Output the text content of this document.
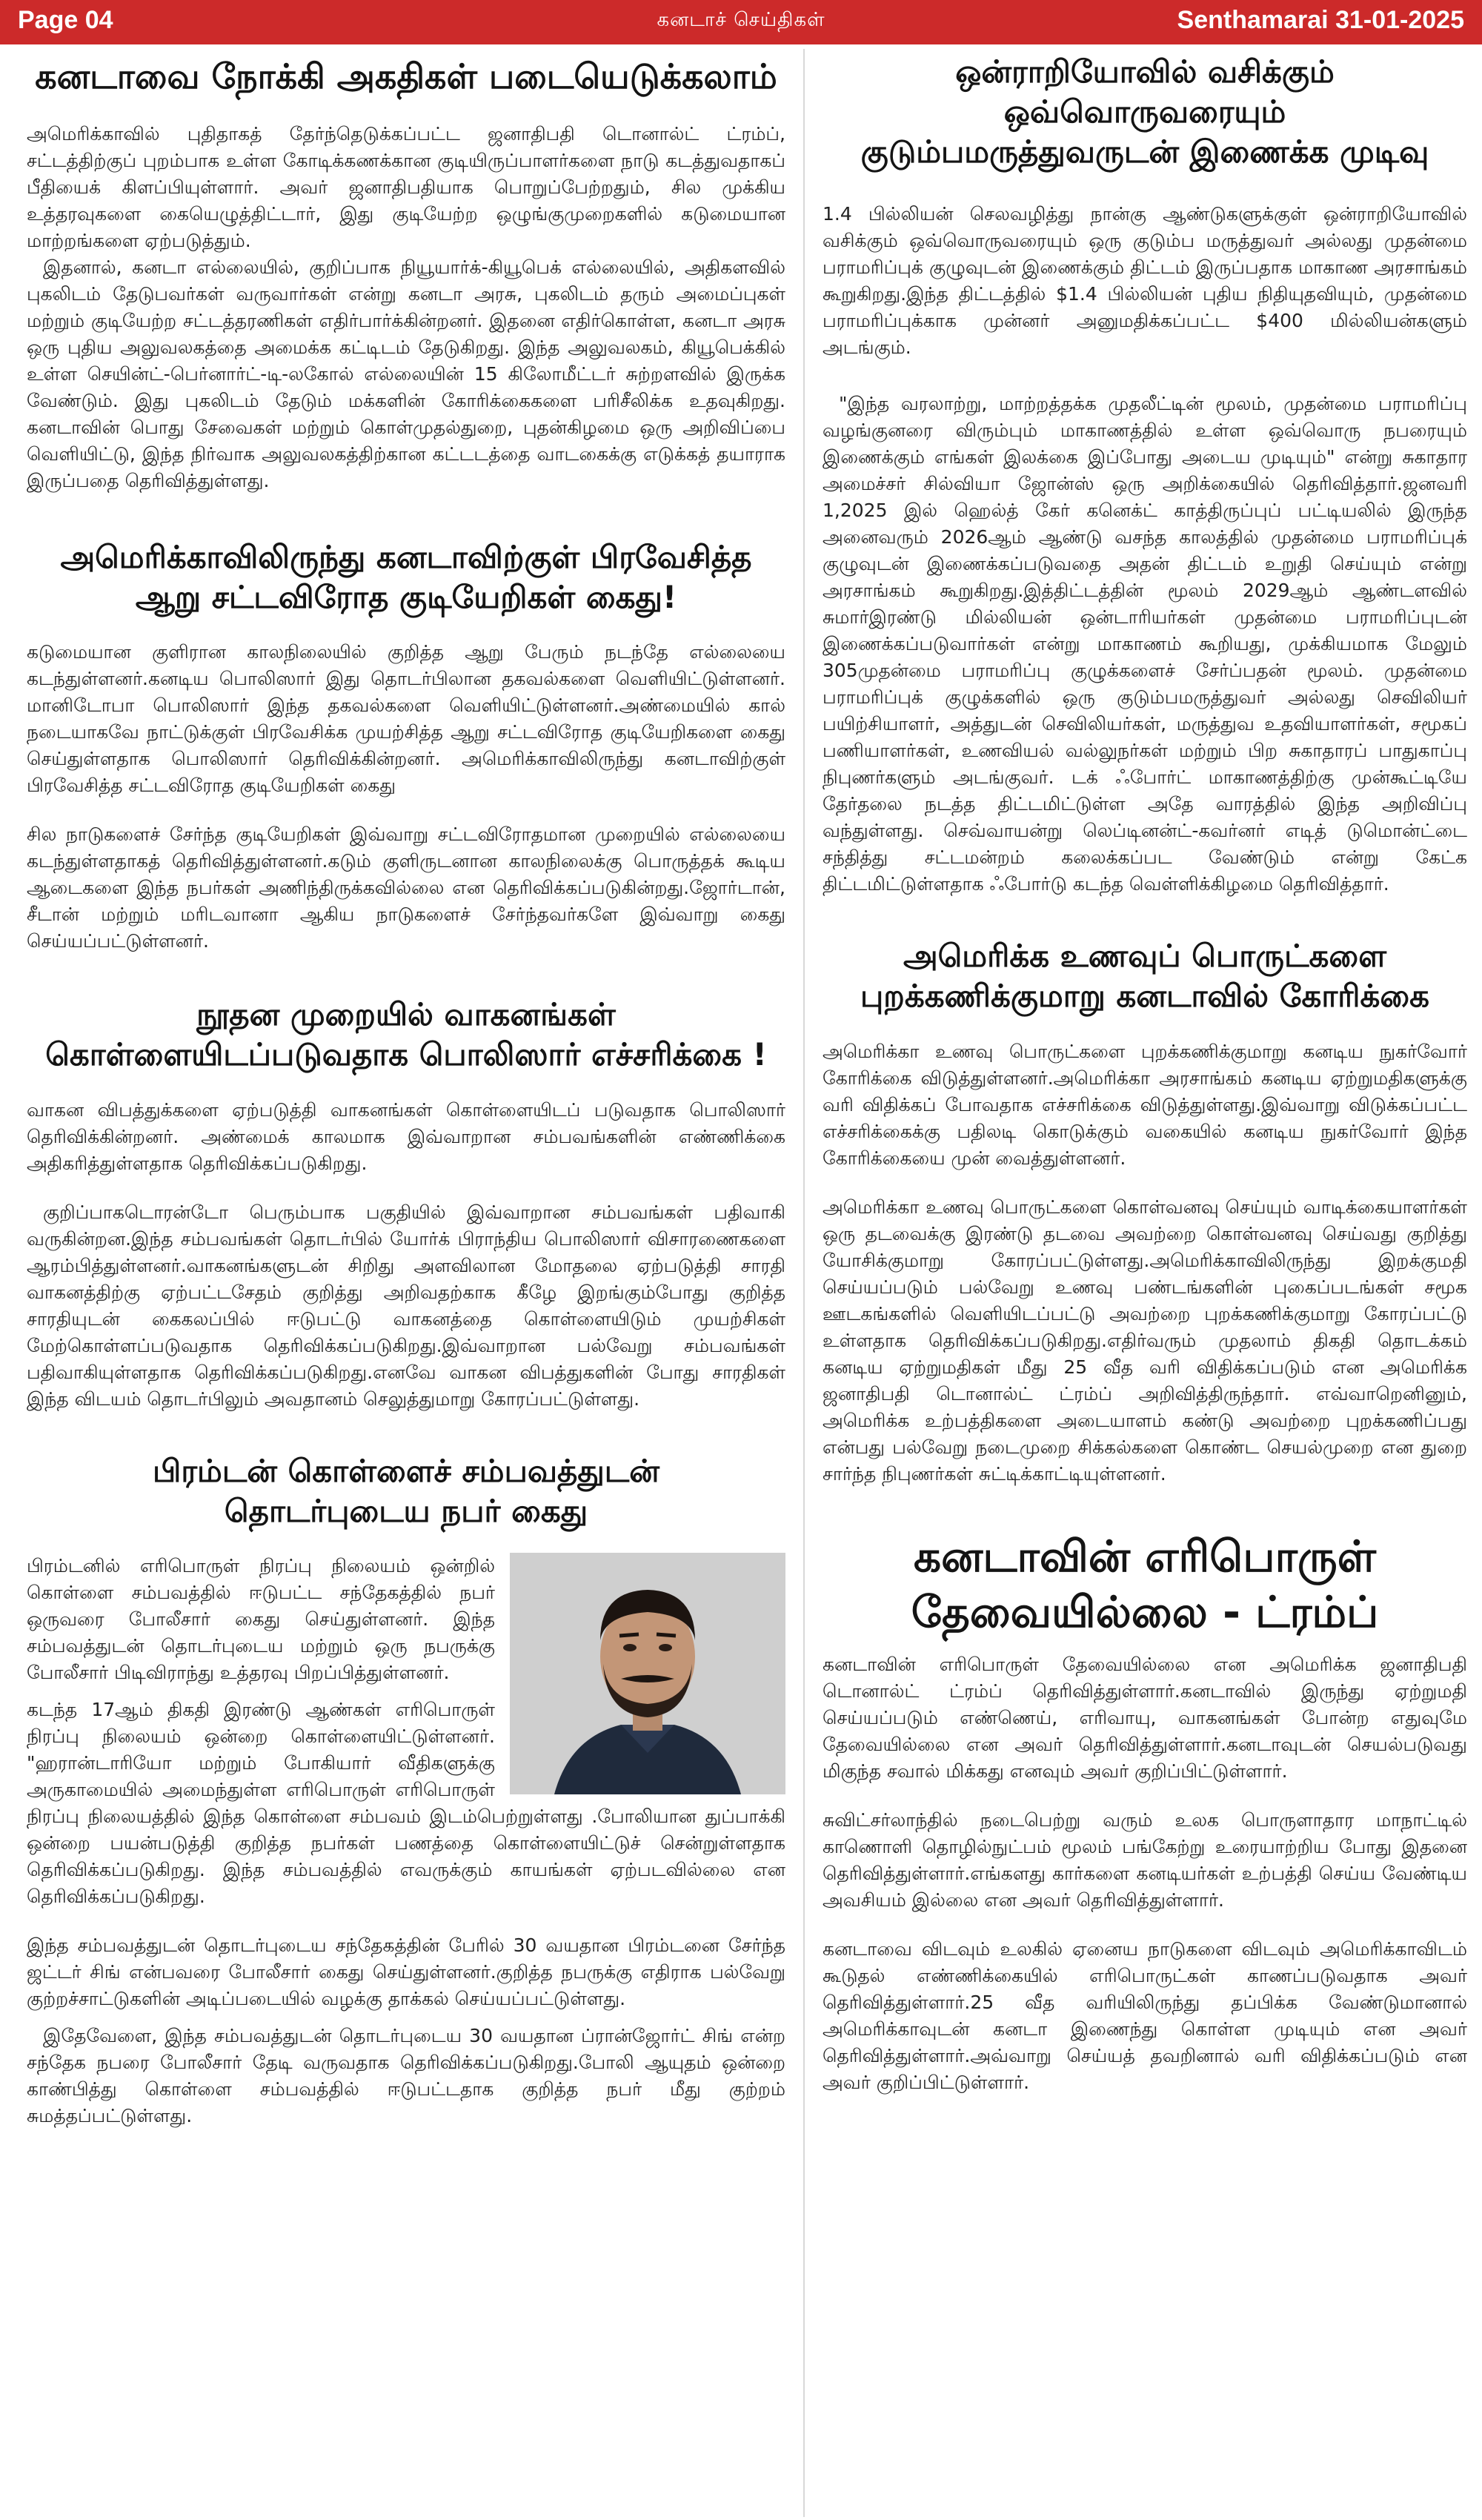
Page 04	கனடாச் செய்திகள்	Senthamarai 31-01-2025
கனடாவை நோக்கி அகதிகள் படையெடுக்கலாம்

அமெரிக்காவில் புதிதாகத் தேர்ந்தெடுக்கப்பட்ட ஜனாதிபதி டொனால்ட் ட்ரம்ப், சட்டத்திற்குப் புறம்பாக உள்ள கோடிக்கணக்கான குடியிருப்பாளர்களை நாடு கடத்துவதாகப் பீதியைக் கிளப்பியுள்ளார். அவர் ஜனாதிபதியாக பொறுப்பேற்றதும், சில முக்கிய உத்தரவுகளை கையெழுத்திட்டார், இது குடியேற்ற ஒழுங்குமுறைகளில் கடுமையான மாற்றங்களை ஏற்படுத்தும்.

இதனால், கனடா எல்லையில், குறிப்பாக நியூயார்க்-கியூபெக் எல்லையில், அதிகளவில் புகலிடம் தேடுபவர்கள் வருவார்கள் என்று கனடா அரசு, புகலிடம் தரும் அமைப்புகள் மற்றும் குடியேற்ற சட்டத்தரணிகள் எதிர்பார்க்கின்றனர். இதனை எதிர்கொள்ள, கனடா அரசு ஒரு புதிய அலுவலகத்தை அமைக்க கட்டிடம் தேடுகிறது. இந்த அலுவலகம், கியூபெக்கில் உள்ள செயின்ட்-பெர்னார்ட்-டி-லகோல் எல்லையின் 15 கிலோமீட்டர் சுற்றளவில் இருக்க வேண்டும். இது புகலிடம் தேடும் மக்களின் கோரிக்கைகளை பரிசீலிக்க உதவுகிறது. கனடாவின் பொது சேவைகள் மற்றும் கொள்முதல்துறை, புதன்கிழமை ஒரு அறிவிப்பை வெளியிட்டு, இந்த நிர்வாக அலுவலகத்திற்கான கட்டடத்தை வாடகைக்கு எடுக்கத் தயாராக இருப்பதை தெரிவித்துள்ளது.

அமெரிக்காவிலிருந்து கனடாவிற்குள் பிரவேசித்த
ஆறு சட்டவிரோத குடியேறிகள் கைது!

கடுமையான குளிரான காலநிலையில் குறித்த ஆறு பேரும் நடந்தே எல்லையை கடந்துள்ளனர்.கனடிய பொலிஸார் இது தொடர்பிலான தகவல்களை வெளியிட்டுள்ளனர். மானிடோபா பொலிஸார் இந்த தகவல்களை வெளியிட்டுள்ளனர்.அண்மையில் கால் நடையாகவே நாட்டுக்குள் பிரவேசிக்க முயற்சித்த ஆறு சட்டவிரோத குடியேறிகளை கைது செய்துள்ளதாக பொலிஸார் தெரிவிக்கின்றனர். அமெரிக்காவிலிருந்து கனடாவிற்குள் பிரவேசித்த சட்டவிரோத குடியேறிகள் கைது

சில நாடுகளைச் சேர்ந்த குடியேறிகள் இவ்வாறு சட்டவிரோதமான முறையில் எல்லையை கடந்துள்ளதாகத் தெரிவித்துள்ளனர்.கடும் குளிருடனான காலநிலைக்கு பொருத்தக் கூடிய ஆடைகளை இந்த நபர்கள் அணிந்திருக்கவில்லை என தெரிவிக்கப்படுகின்றது.ஜோர்டான், சீடான் மற்றும் மரிடவானா ஆகிய நாடுகளைச் சேர்ந்தவர்களே இவ்வாறு கைது செய்யப்பட்டுள்ளனர்.

நூதன முறையில் வாகனங்கள்
கொள்ளையிடப்படுவதாக பொலிஸார் எச்சரிக்கை !

வாகன விபத்துக்களை ஏற்படுத்தி வாகனங்கள் கொள்ளையிடப் படுவதாக பொலிஸார் தெரிவிக்கின்றனர். அண்மைக் காலமாக இவ்வாறான சம்பவங்களின் எண்ணிக்கை அதிகரித்துள்ளதாக தெரிவிக்கப்படுகிறது.

குறிப்பாகடொரன்டோ பெரும்பாக பகுதியில் இவ்வாறான சம்பவங்கள் பதிவாகி வருகின்றன.இந்த சம்பவங்கள் தொடர்பில் யோர்க் பிராந்திய பொலிஸார் விசாரணைகளை ஆரம்பித்துள்ளனர்.வாகனங்களுடன் சிறிது அளவிலான மோதலை ஏற்படுத்தி சாரதி வாகனத்திற்கு ஏற்பட்டசேதம் குறித்து அறிவதற்காக கீழே இறங்கும்போது குறித்த சாரதியுடன் கைகலப்பில் ஈடுபட்டு வாகனத்தை கொள்ளையிடும் முயற்சிகள் மேற்கொள்ளப்படுவதாக தெரிவிக்கப்படுகிறது.இவ்வாறான பல்வேறு சம்பவங்கள் பதிவாகியுள்ளதாக தெரிவிக்கப்படுகிறது.எனவே வாகன விபத்துகளின் போது சாரதிகள் இந்த விடயம் தொடர்பிலும் அவதானம் செலுத்துமாறு கோரப்பட்டுள்ளது.

பிரம்டன் கொள்ளைச் சம்பவத்துடன்
தொடர்புடைய நபர் கைது

பிரம்டனில் எரிபொருள் நிரப்பு நிலையம் ஒன்றில் கொள்ளை சம்பவத்தில் ஈடுபட்ட சந்தேகத்தில் நபர் ஒருவரை போலீசார் கைது செய்துள்ளனர். இந்த சம்பவத்துடன் தொடர்புடைய மற்றும் ஒரு நபருக்கு போலீசார் பிடிவிராந்து உத்தரவு பிறப்பித்துள்ளனர்.

கடந்த 17ஆம் திகதி இரண்டு ஆண்கள் எரிபொருள் நிரப்பு நிலையம் ஒன்றை கொள்ளையிட்டுள்ளனர். "ஹரான்டாரியோ மற்றும் போகியார் வீதிகளுக்கு அருகாமையில் அமைந்துள்ள எரிபொருள் எரிபொருள் நிரப்பு நிலையத்தில் இந்த கொள்ளை சம்பவம் இடம்பெற்றுள்ளது .போலியான துப்பாக்கி ஒன்றை பயன்படுத்தி குறித்த நபர்கள் பணத்தை கொள்ளையிட்டுச் சென்றுள்ளதாக தெரிவிக்கப்படுகிறது. இந்த சம்பவத்தில் எவருக்கும் காயங்கள் ஏற்படவில்லை என தெரிவிக்கப்படுகிறது.

இந்த சம்பவத்துடன் தொடர்புடைய சந்தேகத்தின் பேரில் 30 வயதான பிரம்டனை சேர்ந்த ஜட்டர் சிங் என்பவரை போலீசார் கைது செய்துள்ளனர்.குறித்த நபருக்கு எதிராக பல்வேறு குற்றச்சாட்டுகளின் அடிப்படையில் வழக்கு தாக்கல் செய்யப்பட்டுள்ளது.

இதேவேளை, இந்த சம்பவத்துடன் தொடர்புடைய 30 வயதான ப்ரான்ஜோர்ட் சிங் என்ற சந்தேக நபரை போலீசார் தேடி வருவதாக தெரிவிக்கப்படுகிறது.போலி ஆயுதம் ஒன்றை காண்பித்து கொள்ளை சம்பவத்தில் ஈடுபட்டதாக குறித்த நபர் மீது குற்றம் சுமத்தப்பட்டுள்ளது.

ஒன்ராறியோவில் வசிக்கும் ஒவ்வொருவரையும்
குடும்பமருத்துவருடன் இணைக்க முடிவு

1.4 பில்லியன் செலவழித்து நான்கு ஆண்டுகளுக்குள் ஒன்ராறியோவில் வசிக்கும் ஒவ்வொருவரையும் ஒரு குடும்ப மருத்துவர் அல்லது முதன்மை பராமரிப்புக் குழுவுடன் இணைக்கும் திட்டம் இருப்பதாக மாகாண அரசாங்கம் கூறுகிறது.இந்த திட்டத்தில் $1.4 பில்லியன் புதிய நிதியுதவியும், முதன்மை பராமரிப்புக்காக முன்னர் அனுமதிக்கப்பட்ட $400 மில்லியன்களும் அடங்கும்.

"இந்த வரலாற்று, மாற்றத்தக்க முதலீட்டின் மூலம், முதன்மை பராமரிப்பு வழங்குனரை விரும்பும் மாகாணத்தில் உள்ள ஒவ்வொரு நபரையும் இணைக்கும் எங்கள் இலக்கை இப்போது அடைய முடியும்" என்று சுகாதார அமைச்சர் சில்வியா ஜோன்ஸ் ஒரு அறிக்கையில் தெரிவித்தார்.ஜனவரி 1,2025 இல் ஹெல்த் கேர் கனெக்ட் காத்திருப்புப் பட்டியலில் இருந்த அனைவரும் 2026ஆம் ஆண்டு வசந்த காலத்தில் முதன்மை பராமரிப்புக் குழுவுடன் இணைக்கப்படுவதை அதன் திட்டம் உறுதி செய்யும் என்று அரசாங்கம் கூறுகிறது.இத்திட்டத்தின் மூலம் 2029ஆம் ஆண்டளவில் சுமார்இரண்டு மில்லியன் ஒன்டாரியர்கள் முதன்மை பராமரிப்புடன் இணைக்கப்படுவார்கள் என்று மாகாணம் கூறியது, முக்கியமாக மேலும் 305முதன்மை பராமரிப்பு குழுக்களைச் சேர்ப்பதன் மூலம். முதன்மை பராமரிப்புக் குழுக்களில் ஒரு குடும்பமருத்துவர் அல்லது செவிலியர் பயிற்சியாளர், அத்துடன் செவிலியர்கள், மருத்துவ உதவியாளர்கள், சமூகப் பணியாளர்கள், உணவியல் வல்லுநர்கள் மற்றும் பிற சுகாதாரப் பாதுகாப்பு நிபுணர்களும் அடங்குவர். டக் ஃபோர்ட் மாகாணத்திற்கு முன்கூட்டியே தேர்தலை நடத்த திட்டமிட்டுள்ள அதே வாரத்தில் இந்த அறிவிப்பு வந்துள்ளது. செவ்வாயன்று லெப்டினன்ட்-கவர்னர் எடித் டுமொன்ட்டை சந்தித்து சட்டமன்றம் கலைக்கப்பட வேண்டும் என்று கேட்க திட்டமிட்டுள்ளதாக ஃபோர்டு கடந்த வெள்ளிக்கிழமை தெரிவித்தார்.

அமெரிக்க உணவுப் பொருட்களை
புறக்கணிக்குமாறு கனடாவில் கோரிக்கை

அமெரிக்கா உணவு பொருட்களை புறக்கணிக்குமாறு கனடிய நுகர்வோர் கோரிக்கை விடுத்துள்ளனர்.அமெரிக்கா அரசாங்கம் கனடிய ஏற்றுமதிகளுக்கு வரி விதிக்கப் போவதாக எச்சரிக்கை விடுத்துள்ளது.இவ்வாறு விடுக்கப்பட்ட எச்சரிக்கைக்கு பதிலடி கொடுக்கும் வகையில் கனடிய நுகர்வோர் இந்த கோரிக்கையை முன் வைத்துள்ளனர்.

அமெரிக்கா உணவு பொருட்களை கொள்வனவு செய்யும் வாடிக்கையாளர்கள் ஒரு தடவைக்கு இரண்டு தடவை அவற்றை கொள்வனவு செய்வது குறித்து யோசிக்குமாறு கோரப்பட்டுள்ளது.அமெரிக்காவிலிருந்து இறக்குமதி செய்யப்படும் பல்வேறு உணவு பண்டங்களின் புகைப்படங்கள் சமூக ஊடகங்களில் வெளியிடப்பட்டு அவற்றை புறக்கணிக்குமாறு கோரப்பட்டு உள்ளதாக தெரிவிக்கப்படுகிறது.எதிர்வரும் முதலாம் திகதி தொடக்கம் கனடிய ஏற்றுமதிகள் மீது 25 வீத வரி விதிக்கப்படும் என அமெரிக்க ஜனாதிபதி டொனால்ட் ட்ரம்ப் அறிவித்திருந்தார். எவ்வாறெனினும், அமெரிக்க உற்பத்திகளை அடையாளம் கண்டு அவற்றை புறக்கணிப்பது என்பது பல்வேறு நடைமுறை சிக்கல்களை கொண்ட செயல்முறை என துறை சார்ந்த நிபுணர்கள் சுட்டிக்காட்டியுள்ளனர்.

கனடாவின் எரிபொருள்
தேவையில்லை - ட்ரம்ப்

கனடாவின் எரிபொருள் தேவையில்லை என அமெரிக்க ஜனாதிபதி டொனால்ட் ட்ரம்ப் தெரிவித்துள்ளார்.கனடாவில் இருந்து ஏற்றுமதி செய்யப்படும் எண்ணெய், எரிவாயு, வாகனங்கள் போன்ற எதுவுமே தேவையில்லை என அவர் தெரிவித்துள்ளார்.கனடாவுடன் செயல்படுவது மிகுந்த சவால் மிக்கது எனவும் அவர் குறிப்பிட்டுள்ளார்.

சுவிட்சர்லாந்தில் நடைபெற்று வரும் உலக பொருளாதார மாநாட்டில் காணொளி தொழில்நுட்பம் மூலம் பங்கேற்று உரையாற்றிய போது இதனை தெரிவித்துள்ளார்.எங்களது கார்களை கனடியர்கள் உற்பத்தி செய்ய வேண்டிய அவசியம் இல்லை என அவர் தெரிவித்துள்ளார்.

கனடாவை விடவும் உலகில் ஏனைய நாடுகளை விடவும் அமெரிக்காவிடம் கூடுதல் எண்ணிக்கையில் எரிபொருட்கள் காணப்படுவதாக அவர் தெரிவித்துள்ளார்.25 வீத வரியிலிருந்து தப்பிக்க வேண்டுமானால் அமெரிக்காவுடன் கனடா இணைந்து கொள்ள முடியும் என அவர் தெரிவித்துள்ளார்.அவ்வாறு செய்யத் தவறினால் வரி விதிக்கப்படும் என அவர் குறிப்பிட்டுள்ளார்.
